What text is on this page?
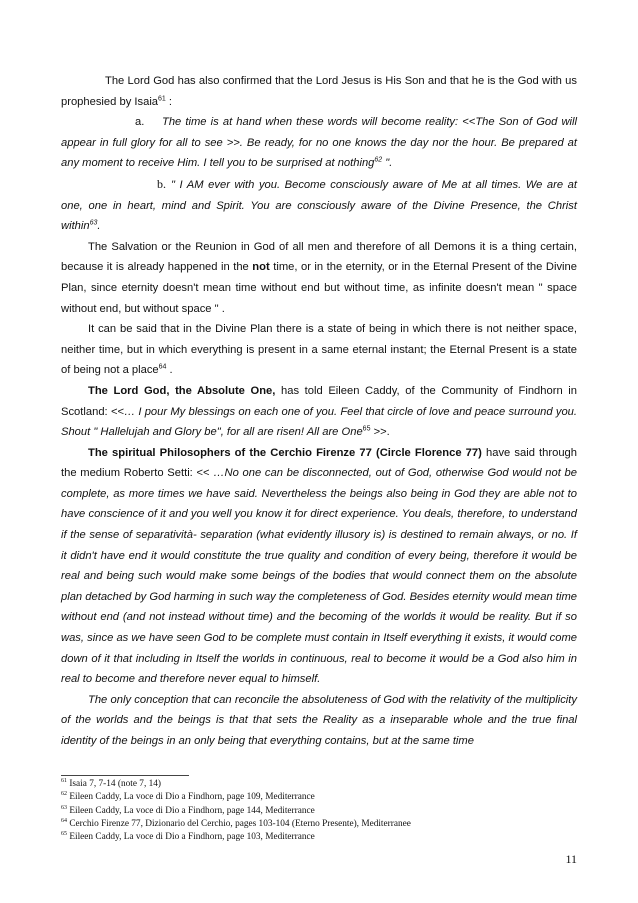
The Lord God has also confirmed that the Lord Jesus is His Son and that he is the God with us prophesied by Isaia$^{61}$ :

a. The time is at hand when these words will become reality: <<The Son of God will appear in full glory for all to see >>. Be ready, for no one knows the day nor the hour. Be prepared at any moment to receive Him. I tell you to be surprised at nothing$^{62}$ ".

b. " I AM ever with you. Become consciously aware of Me at all times. We are at one, one in heart, mind and Spirit. You are consciously aware of the Divine Presence, the Christ within$^{63}$.

The Salvation or the Reunion in God of all men and therefore of all Demons it is a thing certain, because it is already happened in the not time, or in the eternity, or in the Eternal Present of the Divine Plan, since eternity doesn't mean time without end but without time, as infinite doesn't mean " space without end, but without space " .

It can be said that in the Divine Plan there is a state of being in which there is not neither space, neither time, but in which everything is present in a same eternal instant; the Eternal Present is a state of being not a place$^{64}$ .

The Lord God, the Absolute One, has told Eileen Caddy, of the Community of Findhorn in Scotland: <<… I pour My blessings on each one of you. Feel that circle of love and peace surround you. Shout " Hallelujah and Glory be", for all are risen! All are One$^{65}$ >>.

The spiritual Philosophers of the Cerchio Firenze 77 (Circle Florence 77) have said through the medium Roberto Setti: << …No one can be disconnected, out of God, otherwise God would not be complete, as more times we have said. Nevertheless the beings also being in God they are able not to have conscience of it and you well you know it for direct experience. You deals, therefore, to understand if the sense of separatività- separation (what evidently illusory is) is destined to remain always, or no. If it didn't have end it would constitute the true quality and condition of every being, therefore it would be real and being such would make some beings of the bodies that would connect them on the absolute plan detached by God harming in such way the completeness of God. Besides eternity would mean time without end (and not instead without time) and the becoming of the worlds it would be reality. But if so was, since as we have seen God to be complete must contain in Itself everything it exists, it would come down of it that including in Itself the worlds in continuous, real to become it would be a God also him in real to become and therefore never equal to himself.

The only conception that can reconcile the absoluteness of God with the relativity of the multiplicity of the worlds and the beings is that that sets the Reality as a inseparable whole and the true final identity of the beings in an only being that everything contains, but at the same time

$^{61}$ Isaia 7, 7-14 (note 7, 14)
$^{62}$ Eileen Caddy, La voce di Dio a Findhorn, page 109, Mediterrance
$^{63}$ Eileen Caddy, La voce di Dio a Findhorn, page 144, Mediterrance
$^{64}$ Cerchio Firenze 77, Dizionario del Cerchio, pages 103-104 (Eterno Presente), Mediterranee
$^{65}$ Eileen Caddy, La voce di Dio a Findhorn, page 103, Mediterrance
11
